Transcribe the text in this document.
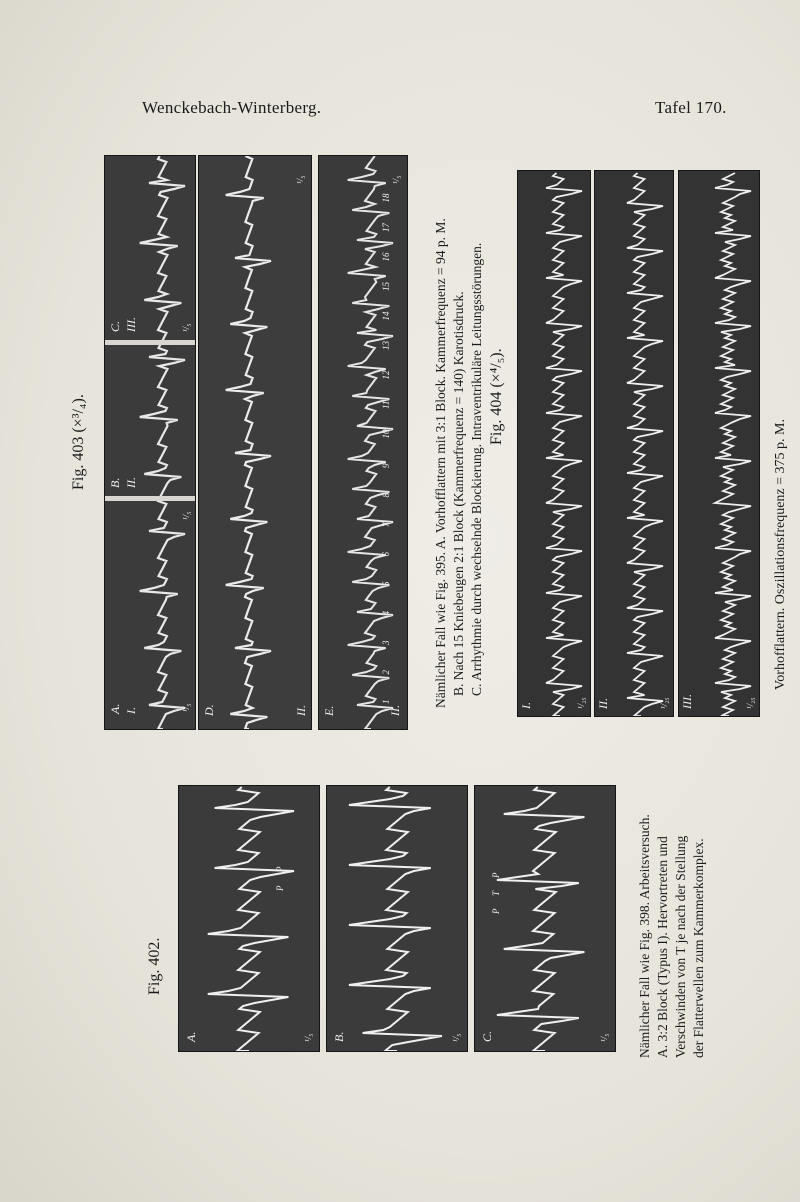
Wenckebach-Winterberg.	Tafel 170.
Fig. 403 (×³/₄).
A. I.
B. II.
C. III.
¹/₅
¹/₅
¹/₅
D.	II.
¹/₅
1
2
3
4
5
6
7
8
9
10
11
12
13
14
15
16
17
18
E.	II.
¹/₅
Nämlicher Fall wie Fig. 395. A. Vorhofflattern mit 3:1 Block. Kammerfrequenz = 94 p. M. B. Nach 15 Kniebeugen 2:1 Block (Kammerfrequenz = 140) Karotisdruck. C. Arrhythmie durch wechselnde Blockierung. Intraventrikuläre Leitungsstörungen. Fig. 404 (×⁴/₅).
I.	¹/₂₅ II.	¹/₂₅ III.	¹/₂₅
Vorhofflattern. Oszillationsfrequenz = 375 p. M.
Fig. 402.
A.	¹/₅
P
P
B.	¹/₅ C.	¹/₅
P
T
P	Nämlicher Fall wie Fig. 398. Arbeitsversuch. A. 3:2 Block (Typus I). Hervortreten und Verschwinden von T je nach der Stellung der Flatterwellen zum Kammerkomplex.
